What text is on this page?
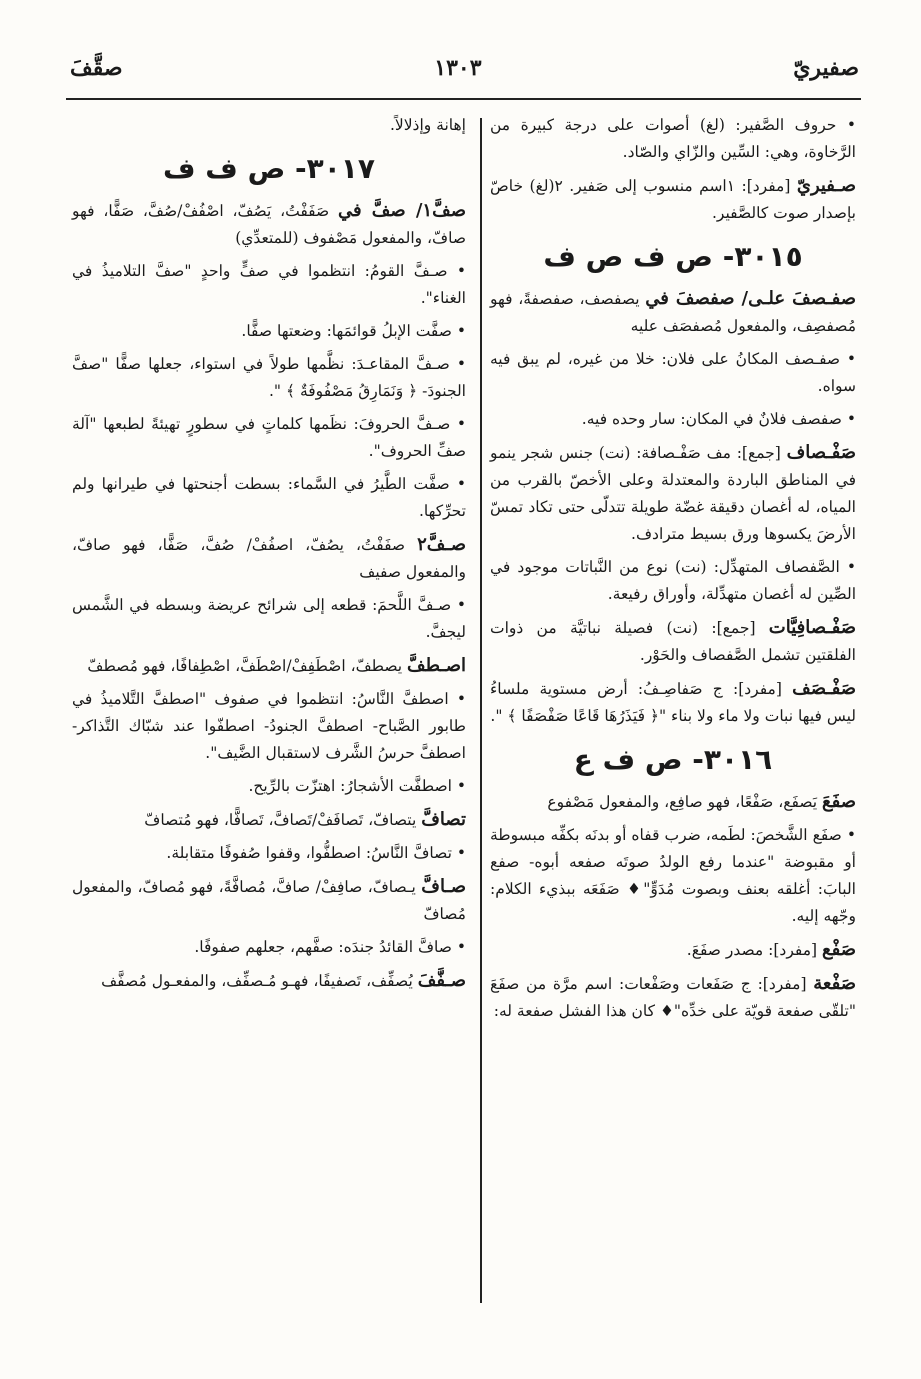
صفيريّ
١٣٠٣
صقَّفَ

• حروف الصَّفير: (لغ) أصوات على درجة كبيرة من الرَّخاوة، وهي: السِّين والزّاي والصّاد.

صـفيريّ [مفرد]: ١اسم منسوب إلى صَفير. ٢(لغ) خاصّ بإصدار صوت كالصَّفير.

٣٠١٥- ص ف ص ف

صفـصفَ علـى/ صفصفَ في يصفصف، صفصفةً، فهو مُصفصِف، والمفعول مُصفصَف عليه

• صفـصف المكانُ على فلان: خلا من غيره، لم يبق فيه سواه.

• صفصف فلانٌ في المكان: سار وحده فيه.

صَفْـصاف [جمع]: مف صَفْـصافة: (نت) جنس شجر ينمو في المناطق الباردة والمعتدلة وعلى الأخصّ بالقرب من المياه، له أغصان دقيقة غضّة طويلة تتدلّى حتى تكاد تمسّ الأرضَ يكسوها ورق بسيط مترادف.

• الصَّفصاف المتهدِّل: (نت) نوع من النَّباتات موجود في الصِّين له أغصان متهدِّلة، وأوراق رفيعة.

صَفْـصافِيَّات [جمع]: (نت) فصيلة نباتيَّة من ذوات الفلقتين تشمل الصَّفصاف والحَوْر.

صَفْـصَف [مفرد]: ج صَفاصِـفُ: أرض مستوية ملساءُ ليس فيها نبات ولا ماء ولا بناء "﴿ فَيَذَرُهَا قَاعًا صَفْصَفًا ﴾ ".

٣٠١٦- ص ف ع

صفَعَ يَصفَع، صَفْعًا، فهو صافِع، والمفعول مَصْفوع

• صفَع الشَّخصَ: لطَمه، ضرب قفاه أو بدنَه بكفِّه مبسوطة أو مقبوضة "عندما رفع الولدُ صوتَه صفعه أبوه- صفع البابَ: أغلقه بعنف وبصوت مُدَوٍّ"♦ صَفَعَه ببذيء الكلام: وجّهه إليه.

صَفْع [مفرد]: مصدر صفَعَ.

صَفْعة [مفرد]: ج صَفَعات وصَفْعات: اسم مرَّة من صفَعَ "تلقّى صفعة قويّة على خدِّه"♦ كان هذا الفشل صفعة له:

إهانة وإذلالاً.

٣٠١٧- ص ف ف

صفَّ١/ صفَّ في صَفَفْتُ، يَصُفّ، اصْفُفْ/صُفَّ، صَفًّا، فهو صافّ، والمفعول مَصْفوف (للمتعدِّي)

• صـفَّ القومُ: انتظموا في صفٍّ واحدٍ "صفَّ التلاميذُ في الغناء".

• صفَّت الإبلُ قوائمَها: وضعتها صفًّا.

• صـفَّ المقاعـدَ: نظَّمها طولاً في استواء، جعلها صفًّا "صفَّ الجنودَ- ﴿ وَنَمَارِقُ مَصْفُوفَةٌ ﴾ ".

• صـفَّ الحروفَ: نظَمها كلماتٍ في سطورٍ تهيئةً لطبعها "آلة صفِّ الحروف".

• صفَّت الطَّيرُ في السَّماء: بسطت أجنحتها في طيرانها ولم تحرِّكها.

صـفَّ٢ صفَفْتُ، يصُفّ، اصفُفْ/ صُفَّ، صَفًّا، فهو صافّ، والمفعول صفيف

• صـفَّ اللَّحمَ: قطعه إلى شرائح عريضة وبسطه في الشَّمس ليجفَّ.

اصـطفَّ يصطفّ، اصْطَفِفْ/اصْطَفَّ، اصْطِفافًا، فهو مُصطفّ

• اصطفَّ النَّاسُ: انتظموا في صفوف "اصطفَّ التَّلاميذُ في طابور الصَّباح- اصطفَّ الجنودُ- اصطفّوا عند شبّاك التَّذاكر- اصطفَّ حرسُ الشَّرف لاستقبال الضَّيف".

• اصطفَّت الأشجارُ: اهتزّت بالرِّيح.

تصافَّ يتصافّ، تَصافَفْ/تَصافَّ، تَصافًّا، فهو مُتصافّ

• تصافَّ النَّاسُ: اصطفُّوا، وقفوا صُفوفًا متقابلة.

صـافَّ يـصافّ، صافِفْ/ صافَّ، مُصافَّةً، فهو مُصافّ، والمفعول مُصافّ

• صافَّ القائدُ جندَه: صفَّهم، جعلهم صفوفًا.

صـفَّفَ يُصفِّف، تَصفيفًا، فهـو مُـصفِّف، والمفعـول مُصفَّف
